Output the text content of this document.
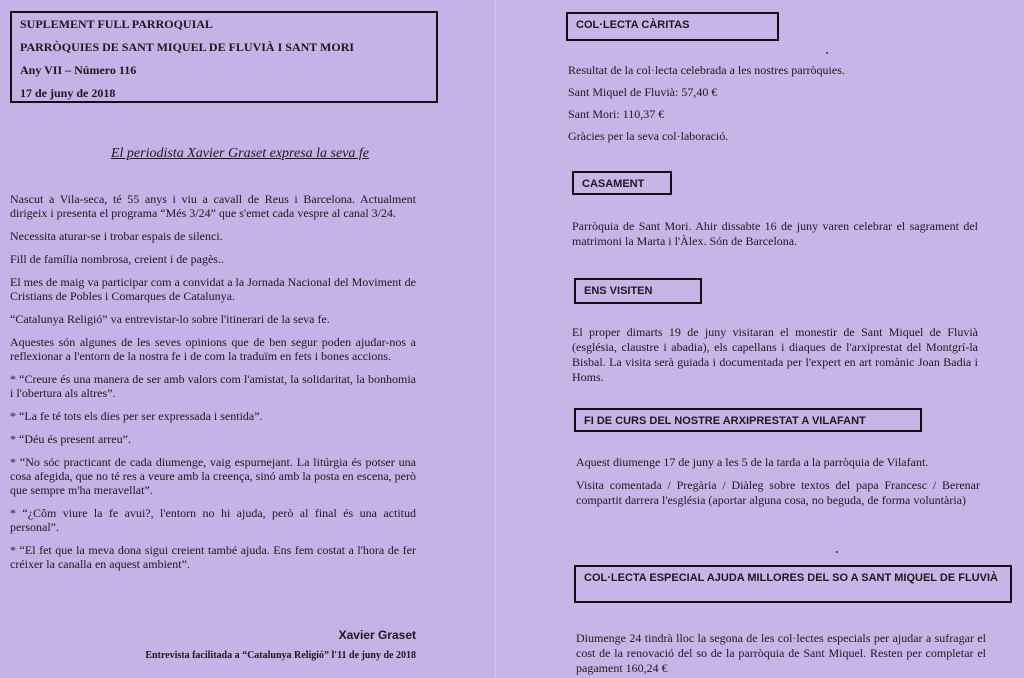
SUPLEMENT FULL PARROQUIAL
PARRÒQUIES DE SANT MIQUEL DE FLUVIÀ I SANT MORI
Any VII – Número 116
17 de juny de 2018
El periodista Xavier Graset expresa la seva fe

Nascut a Vila-seca, té 55 anys i viu a cavall de Reus i Barcelona. Actualment dirigeix i presenta el programa “Més 3/24” que s'emet cada vespre al canal 3/24.

Necessita aturar-se i trobar espais de silenci.

Fill de família nombrosa, creient i de pagès..

El mes de maig va participar com a convidat a la Jornada Nacional del Moviment de Cristians de Pobles i Comarques de Catalunya.

“Catalunya Religió” va entrevistar-lo sobre l'itinerari de la seva fe.

Aquestes són algunes de les seves opinions que de ben segur poden ajudar-nos a reflexionar a l'entorn de la nostra fe i de com la traduïm en fets i bones accions.

* “Creure és una manera de ser amb valors com l'amistat, la solidaritat, la bonhomia i l'obertura als altres”.

* “La fe té tots els dies per ser expressada i sentida”.

* “Déu és present arreu”.

* “No sóc practicant de cada diumenge, vaig espurnejant. La litúrgia és potser una cosa afegida, que no té res a veure amb la creença, sinó amb la posta en escena, però que sempre m'ha meravellat”.

* “¿Côm viure la fe avui?, l'entorn no hi ajuda, però al final és una actitud personal”.

* “El fet que la meva dona sigui creient també ajuda. Ens fem costat a l'hora de fer créixer la canalla en aquest ambient”.

Xavier Graset
Entrevista facilitada a “Catalunya Religió” l'11 de juny de 2018
COL·LECTA CÀRITAS

Resultat de la col·lecta celebrada a les nostres parròquies.

Sant Miquel de Fluvià: 57,40 €

Sant Mori: 110,37 €

Gràcies per la seva col·laboració.

CASAMENT
Parròquia de Sant Mori. Ahir dissabte 16 de juny varen celebrar el sagrament del matrimoni la Marta i l'Àlex. Són de Barcelona.
ENS VISITEN
El proper dimarts 19 de juny visitaran el monestir de Sant Miquel de Fluvià (església, claustre i abadia), els capellans i diaques de l'arxiprestat del Montgrí-la Bisbal. La visita serà guiada i documentada per l'expert en art romànic Joan Badia i Homs.
FI DE CURS DEL NOSTRE ARXIPRESTAT A VILAFANT

Aquest diumenge 17 de juny a les 5 de la tarda a la parròquia de Vilafant.

Visita comentada / Pregària / Diàleg sobre textos del papa Francesc / Berenar compartit darrera l'església (aportar alguna cosa, no beguda, de forma voluntària)

COL·LECTA ESPECIAL AJUDA MILLORES DEL SO A SANT MIQUEL DE FLUVIÀ
Diumenge 24 tindrà lloc la segona de les col·lectes especials per ajudar a sufragar el cost de la renovació del so de la parròquia de Sant Miquel. Resten per completar el pagament 160,24 €
